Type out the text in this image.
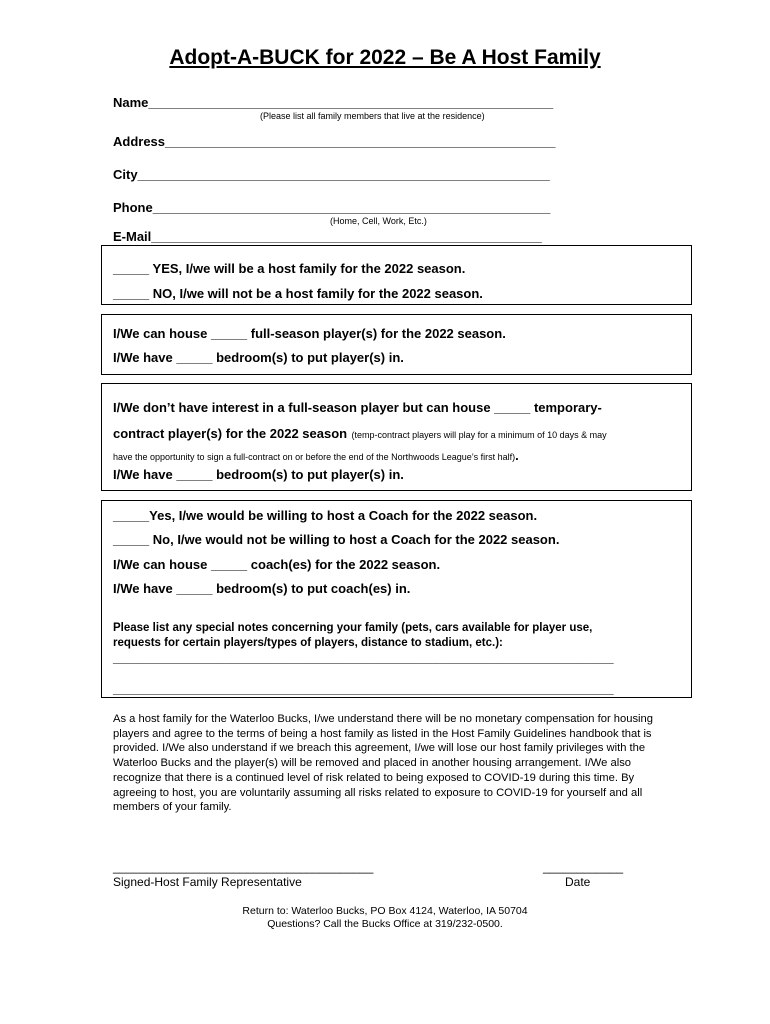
Adopt-A-BUCK for 2022 – Be A Host Family
Name________________________________________________________
(Please list all family members that live at the residence)
Address______________________________________________________
City_________________________________________________________
Phone_______________________________________________________
(Home, Cell, Work, Etc.)
E-Mail______________________________________________________
_____ YES, I/we will be a host family for the 2022 season.
_____ NO, I/we will not be a host family for the 2022 season.
I/We can house _____ full-season player(s) for the 2022 season.
I/We have _____ bedroom(s) to put player(s) in.
I/We don’t have interest in a full-season player but can house _____ temporary-
contract player(s) for the 2022 season (temp-contract players will play for a minimum of 10 days & may
have the opportunity to sign a full-contract on or before the end of the Northwoods League’s first half).
I/We have _____ bedroom(s) to put player(s) in.
_____Yes, I/we would be willing to host a Coach for the 2022 season.
_____ No, I/we would not be willing to host a Coach for the 2022 season.
I/We can house _____ coach(es) for the 2022 season.
I/We have _____ bedroom(s) to put coach(es) in.
Please list any special notes concerning your family (pets, cars available for player use,
requests for certain players/types of players, distance to stadium, etc.):
________________________________________________________________________
________________________________________________________________________
As a host family for the Waterloo Bucks, I/we understand there will be no monetary compensation for housing players and agree to the terms of being a host family as listed in the Host Family Guidelines handbook that is provided. I/We also understand if we breach this agreement, I/we will lose our host family privileges with the Waterloo Bucks and the player(s) will be removed and placed in another housing arrangement. I/We also recognize that there is a continued level of risk related to being exposed to COVID-19 during this time. By agreeing to host, you are voluntarily assuming all risks related to exposure to COVID-19 for yourself and all members of your family.
_______________________________________	____________
Signed-Host Family Representative	Date
Return to: Waterloo Bucks, PO Box 4124, Waterloo, IA 50704
Questions? Call the Bucks Office at 319/232-0500.
